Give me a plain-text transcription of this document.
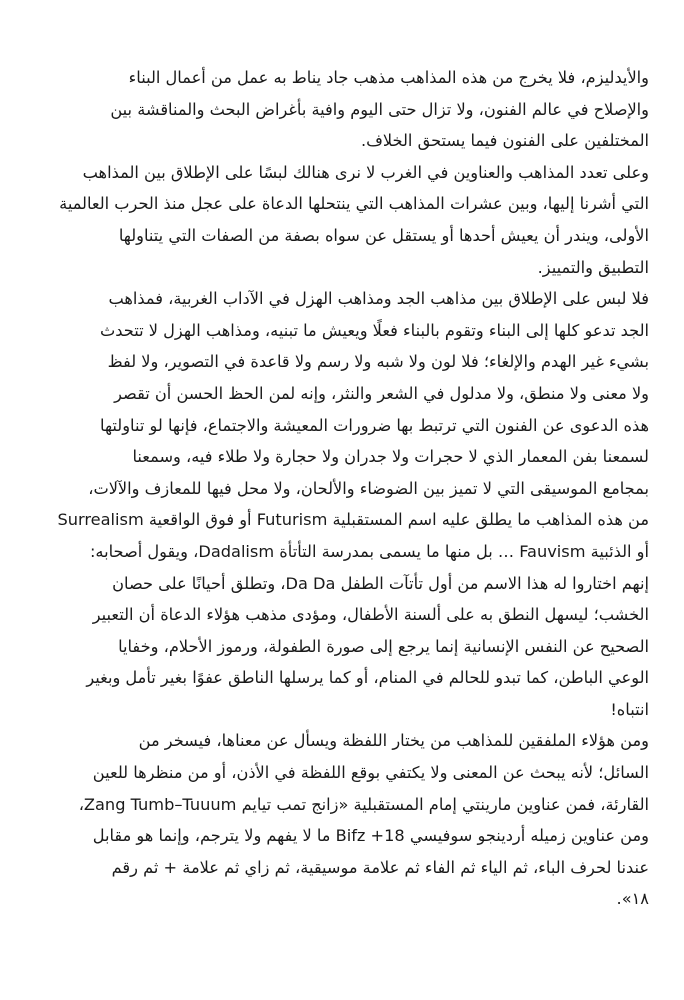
والأيدليزم، فلا يخرج من هذه المذاهب مذهب جاد يناط به عمل من أعمال البناء
والإصلاح في عالم الفنون، ولا تزال حتى اليوم وافية بأغراض البحث والمناقشة بين
المختلفين على الفنون فيما يستحق الخلاف.

وعلى تعدد المذاهب والعناوين في الغرب لا نرى هنالك لبسًا على الإطلاق بين المذاهب
التي أشرنا إليها، وبين عشرات المذاهب التي ينتحلها الدعاة على عجل منذ الحرب العالمية
الأولى، ويندر أن يعيش أحدها أو يستقل عن سواه بصفة من الصفات التي يتناولها
التطبيق والتمييز.

فلا لبس على الإطلاق بين مذاهب الجد ومذاهب الهزل في الآداب الغربية، فمذاهب
الجد تدعو كلها إلى البناء وتقوم بالبناء فعلًا ويعيش ما تبنيه، ومذاهب الهزل لا تتحدث
بشيء غير الهدم والإلغاء؛ فلا لون ولا شبه ولا رسم ولا قاعدة في التصوير، ولا لفظ
ولا معنى ولا منطق، ولا مدلول في الشعر والنثر، وإنه لمن الحظ الحسن أن تقصر
هذه الدعوى عن الفنون التي ترتبط بها ضرورات المعيشة والاجتماع، فإنها لو تناولتها
لسمعنا بفن المعمار الذي لا حجرات ولا جدران ولا حجارة ولا طلاء فيه، وسمعنا
بمجامع الموسيقى التي لا تميز بين الضوضاء والألحان، ولا محل فيها للمعازف والآلات،
من هذه المذاهب ما يطلق عليه اسم المستقبلية Futurism أو فوق الواقعية Surrealism
أو الذئبية Fauvism … بل منها ما يسمى بمدرسة التأتأة Dadalism، ويقول أصحابه:
إنهم اختاروا له هذا الاسم من أول تأتآت الطفل Da Da، وتطلق أحيانًا على حصان
الخشب؛ ليسهل النطق به على ألسنة الأطفال، ومؤدى مذهب هؤلاء الدعاة أن التعبير
الصحيح عن النفس الإنسانية إنما يرجع إلى صورة الطفولة، ورموز الأحلام، وخفايا
الوعي الباطن، كما تبدو للحالم في المنام، أو كما يرسلها الناطق عفوًا بغير تأمل وبغير
انتباه!

ومن هؤلاء الملفقين للمذاهب من يختار اللفظة ويسأل عن معناها، فيسخر من
السائل؛ لأنه يبحث عن المعنى ولا يكتفي بوقع اللفظة في الأذن، أو من منظرها للعين
القارئة، فمن عناوين مارينتي إمام المستقبلية «زانج تمب تيايم Zang Tumb–Tuuum،
ومن عناوين زميله أردينجو سوفيسي Bifz +18 ما لا يفهم ولا يترجم، وإنما هو مقابل
عندنا لحرف الباء، ثم الياء ثم الفاء ثم علامة موسيقية، ثم زاي ثم علامة + ثم رقم
١٨».
